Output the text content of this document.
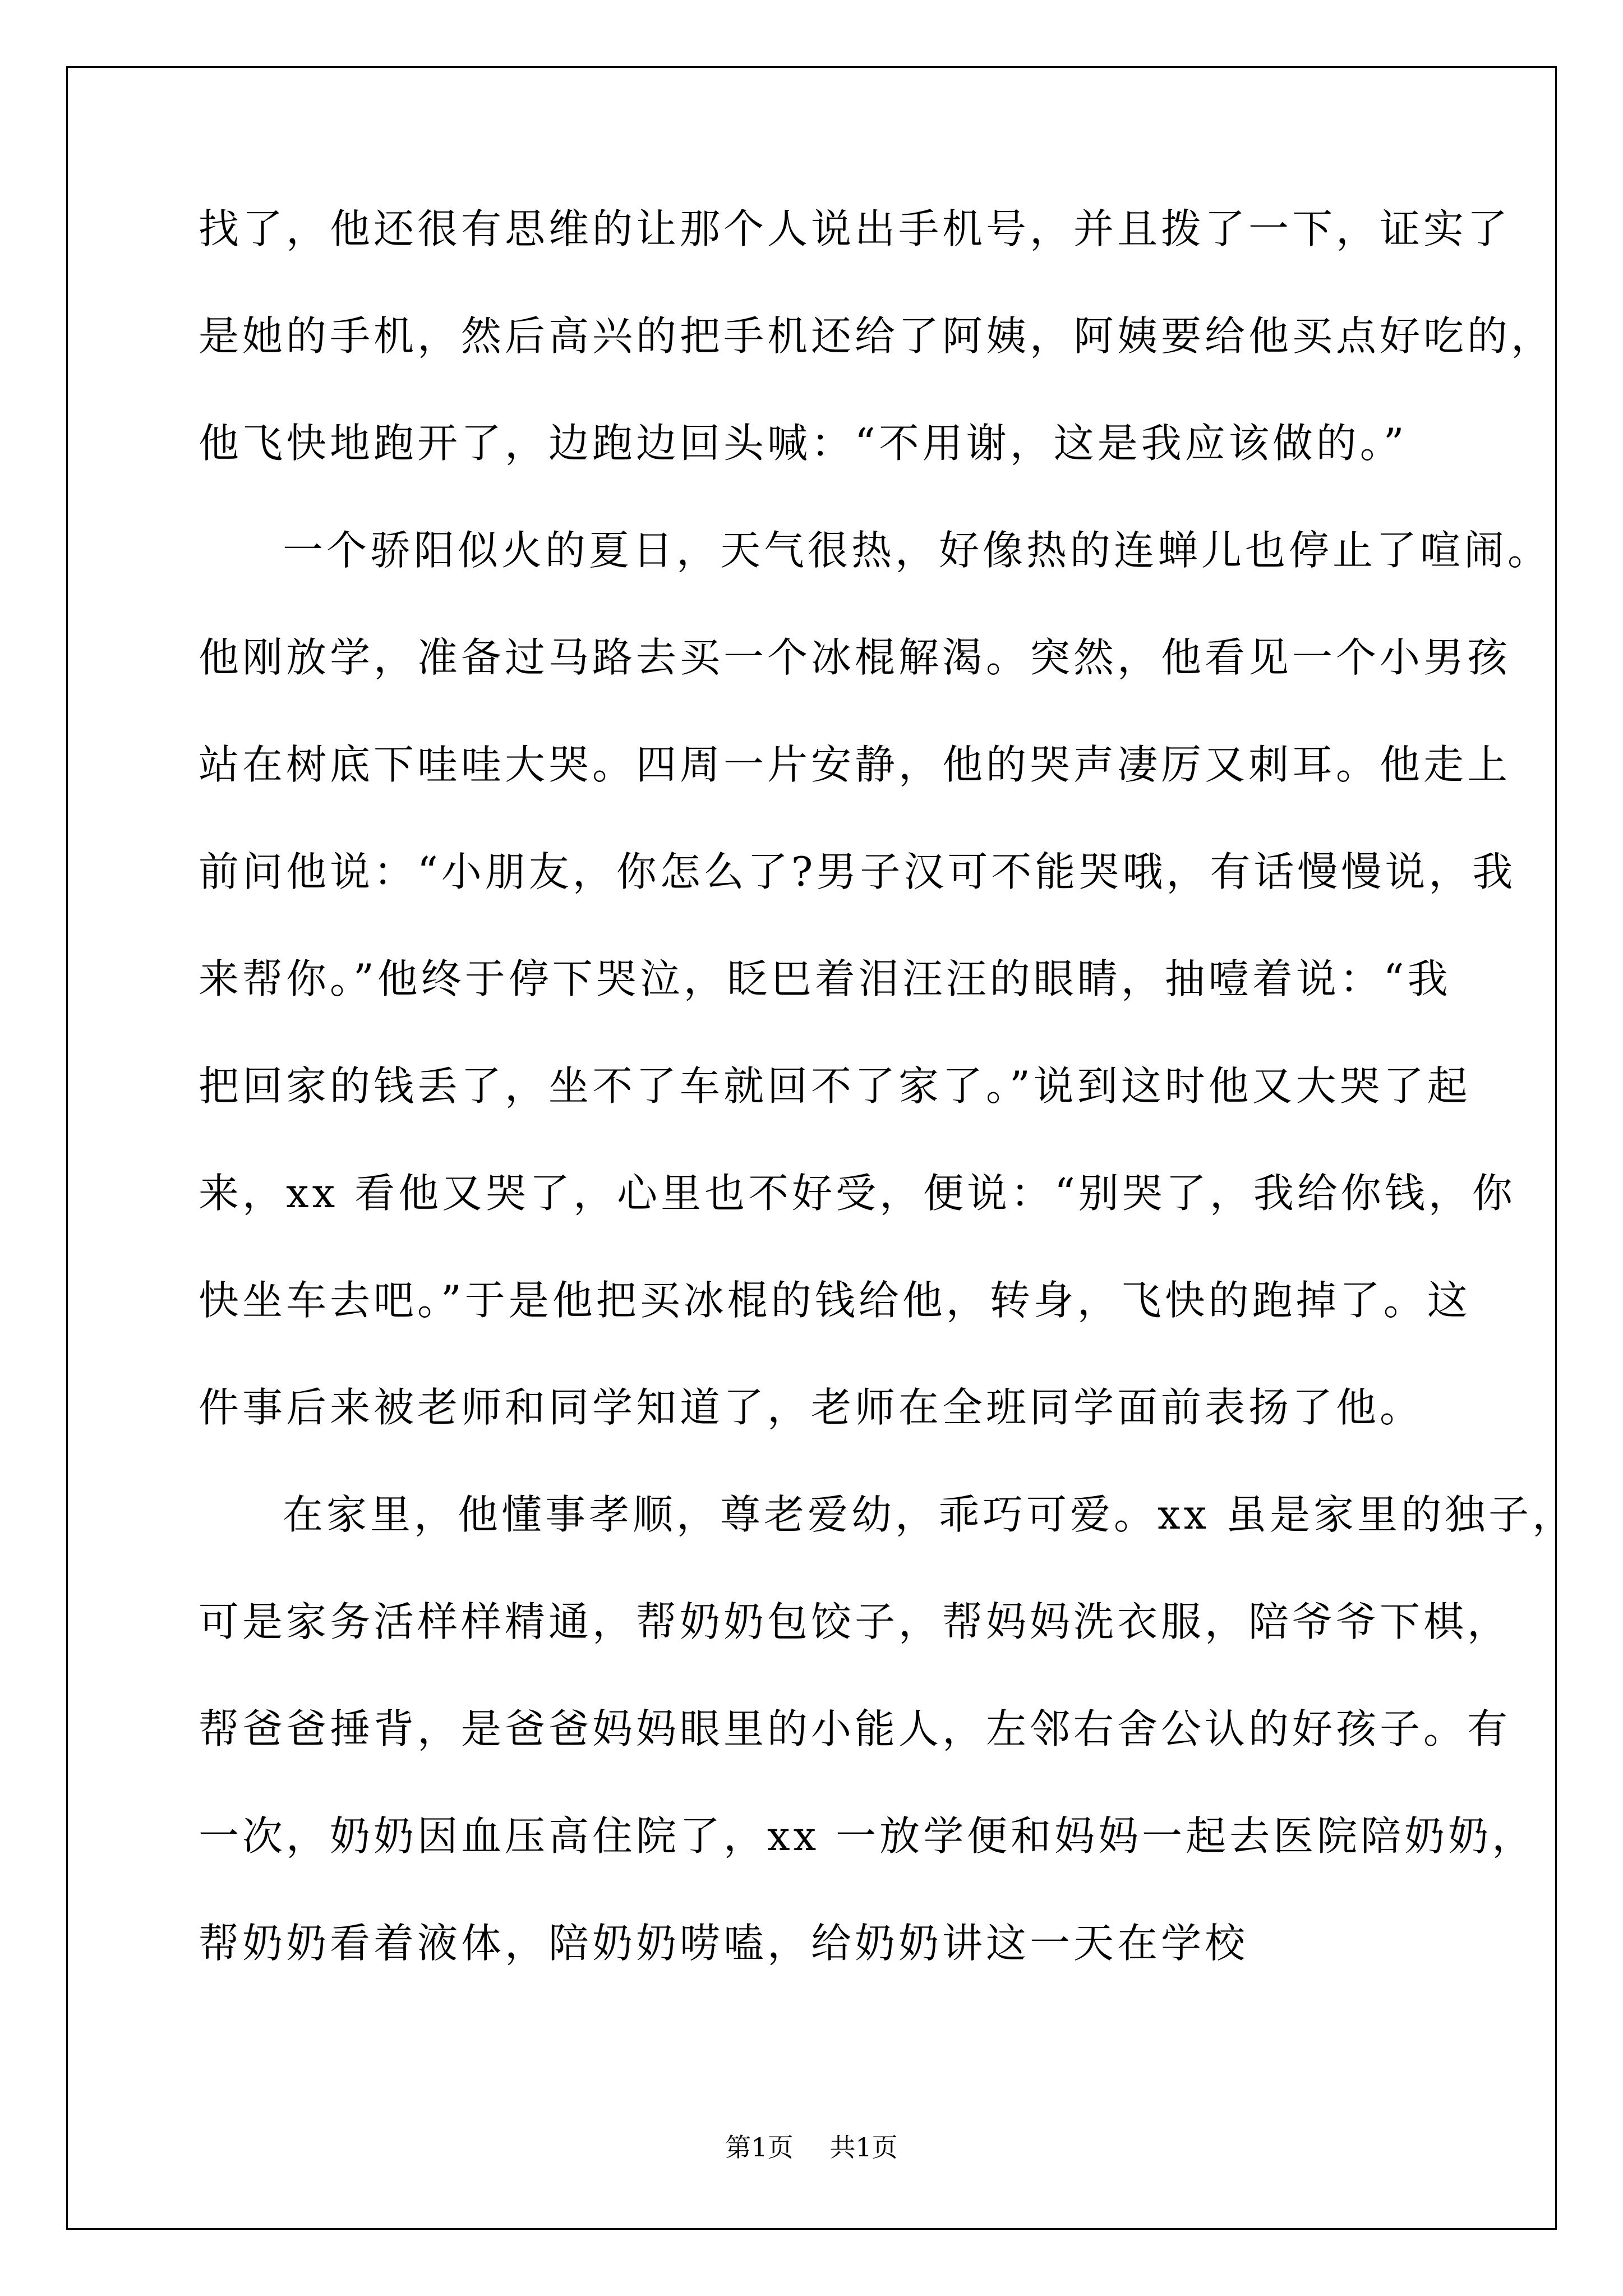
找了，他还很有思维的让那个人说出手机号，并且拨了一下，证实了
是她的手机，然后高兴的把手机还给了阿姨，阿姨要给他买点好吃的，
他飞快地跑开了，边跑边回头喊：“不用谢，这是我应该做的。”
一个骄阳似火的夏日，天气很热，好像热的连蝉儿也停止了喧闹。
他刚放学，准备过马路去买一个冰棍解渴。突然，他看见一个小男孩
站在树底下哇哇大哭。四周一片安静，他的哭声凄厉又刺耳。他走上
前问他说：“小朋友，你怎么了?男子汉可不能哭哦，有话慢慢说，我
来帮你。”他终于停下哭泣，眨巴着泪汪汪的眼睛，抽噎着说：“我
把回家的钱丢了，坐不了车就回不了家了。”说到这时他又大哭了起
来，xx 看他又哭了，心里也不好受，便说：“别哭了，我给你钱，你
快坐车去吧。”于是他把买冰棍的钱给他，转身，飞快的跑掉了。这
件事后来被老师和同学知道了，老师在全班同学面前表扬了他。
在家里，他懂事孝顺，尊老爱幼，乖巧可爱。xx 虽是家里的独子，
可是家务活样样精通，帮奶奶包饺子，帮妈妈洗衣服，陪爷爷下棋，
帮爸爸捶背，是爸爸妈妈眼里的小能人，左邻右舍公认的好孩子。有
一次，奶奶因血压高住院了，xx 一放学便和妈妈一起去医院陪奶奶，
帮奶奶看着液体，陪奶奶唠嗑，给奶奶讲这一天在学校
第1页 共1页
